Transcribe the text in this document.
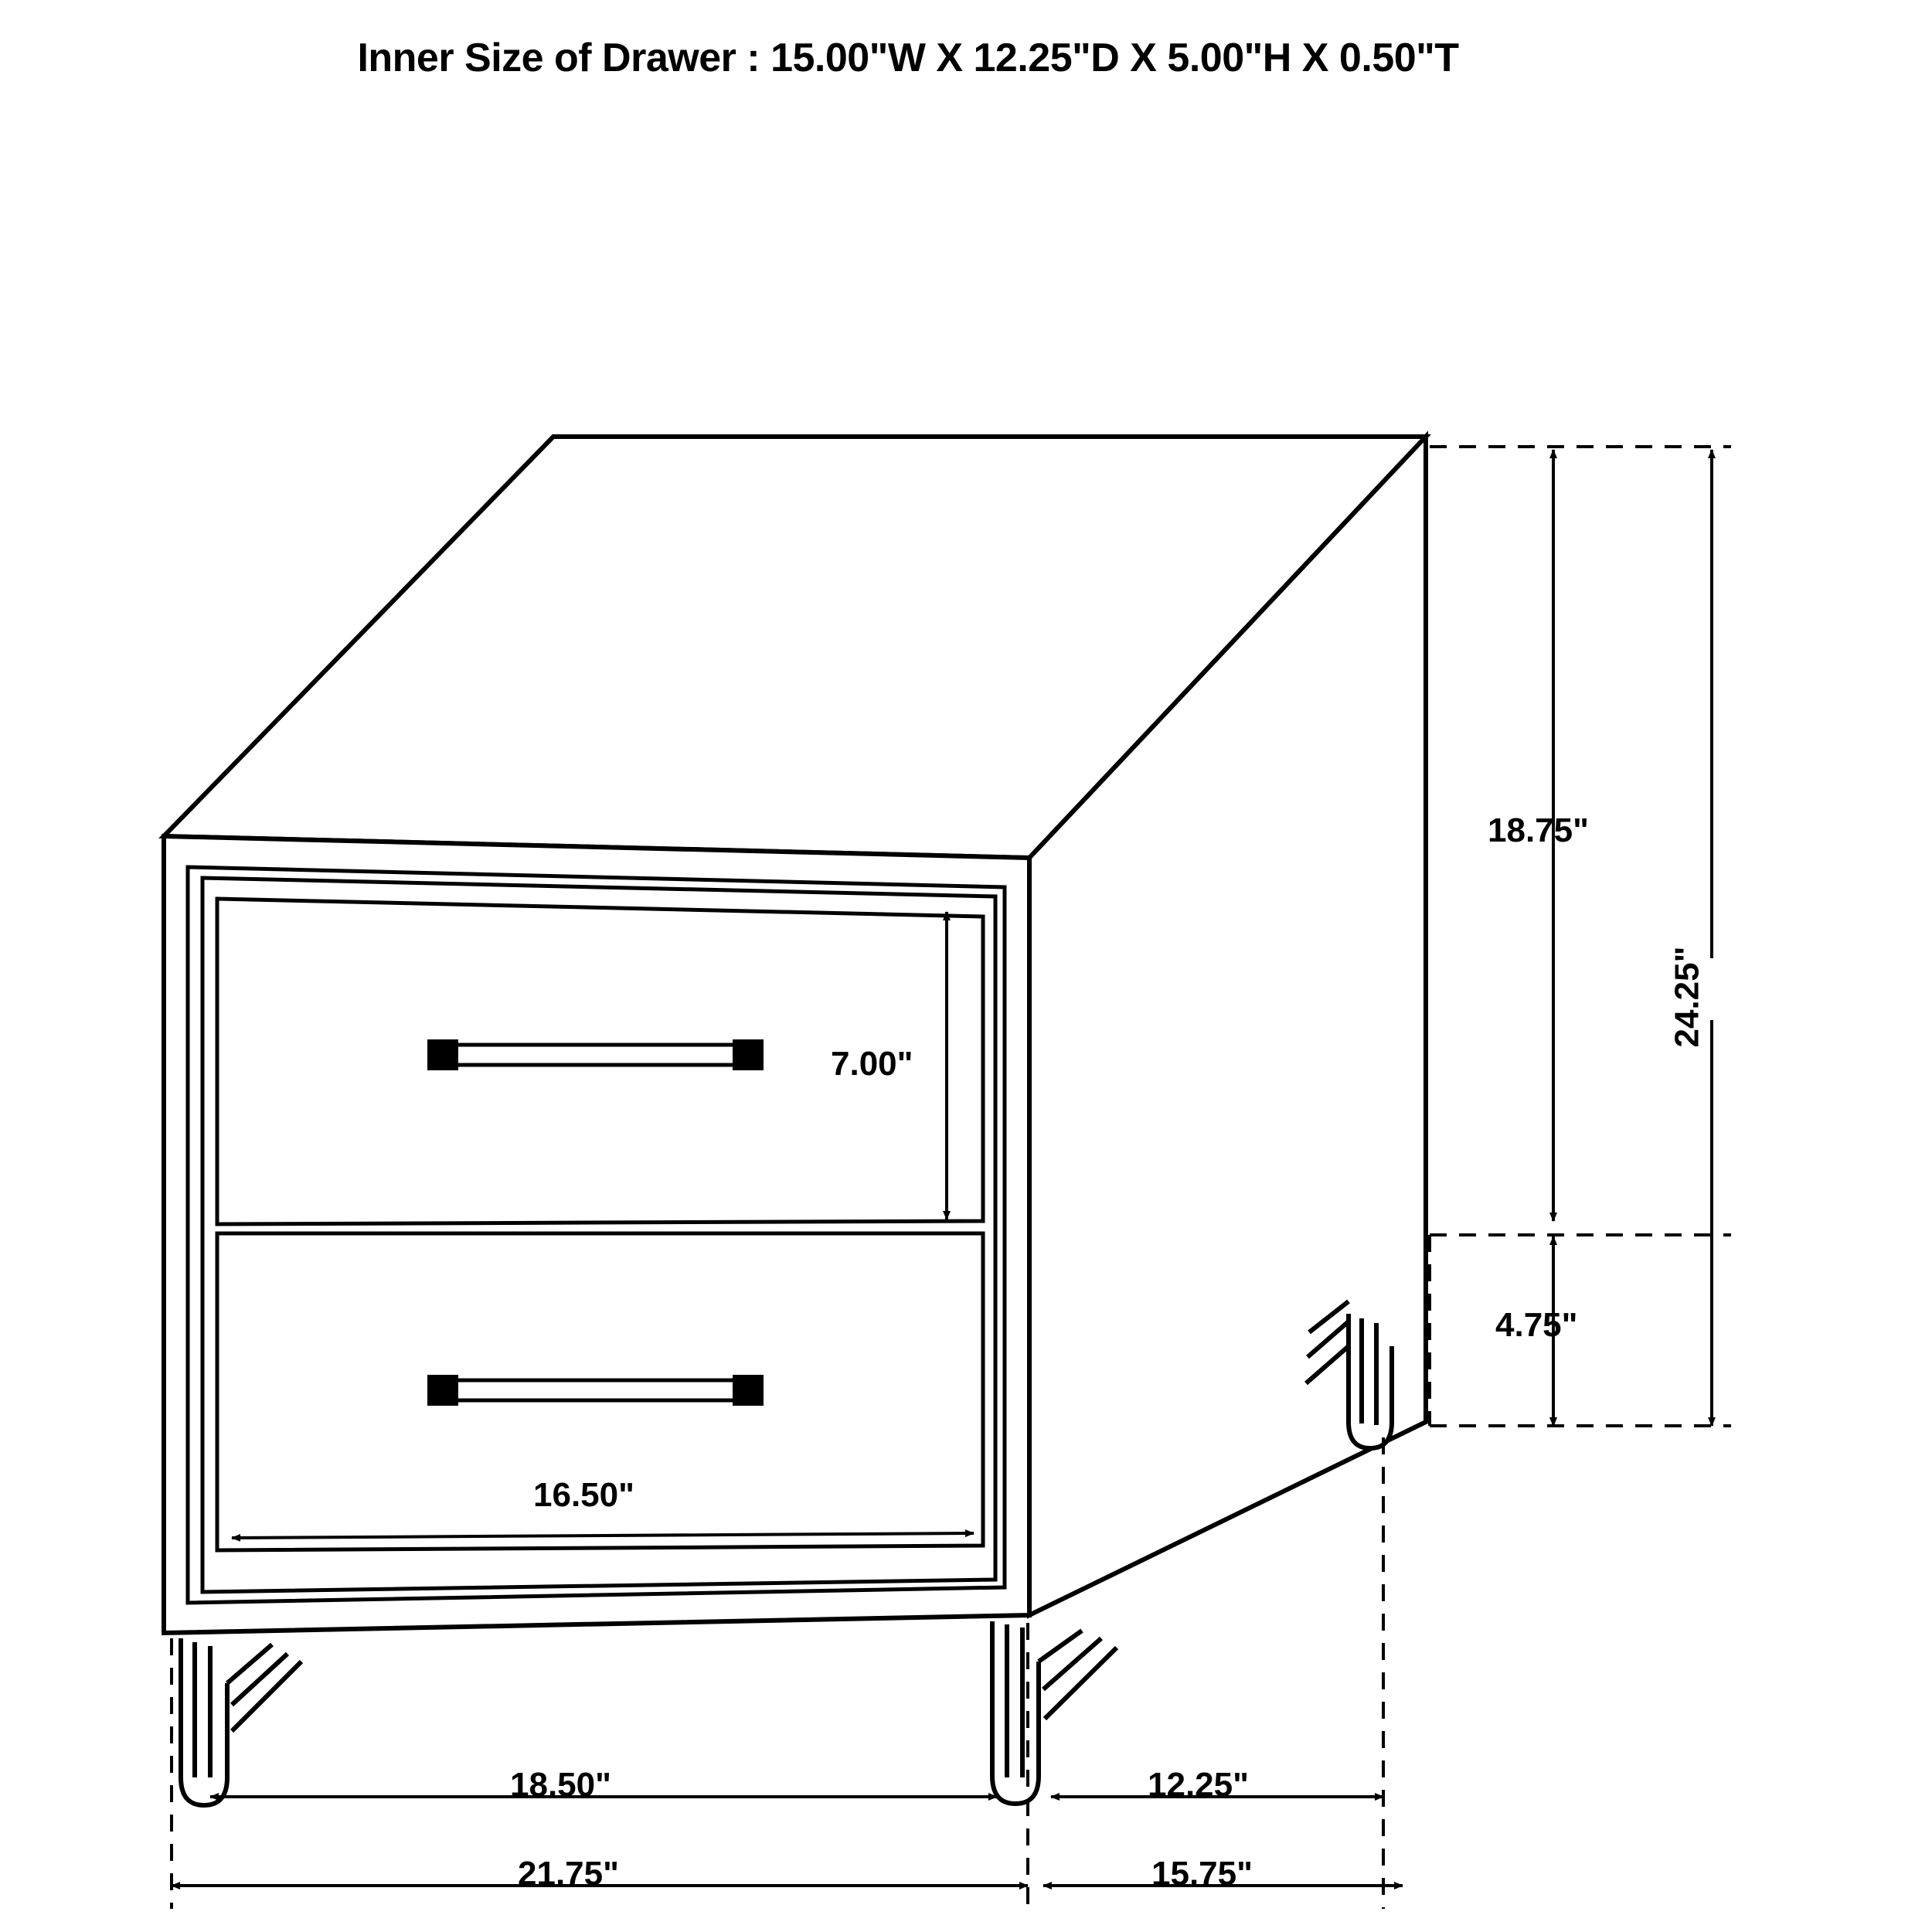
Inner Size of Drawer : 15.00"W X 12.25"D X 5.00"H X 0.50"T
7.00"
16.50"
18.50"	12.25"
21.75"	15.75"
18.75"
4.75"
24.25"
